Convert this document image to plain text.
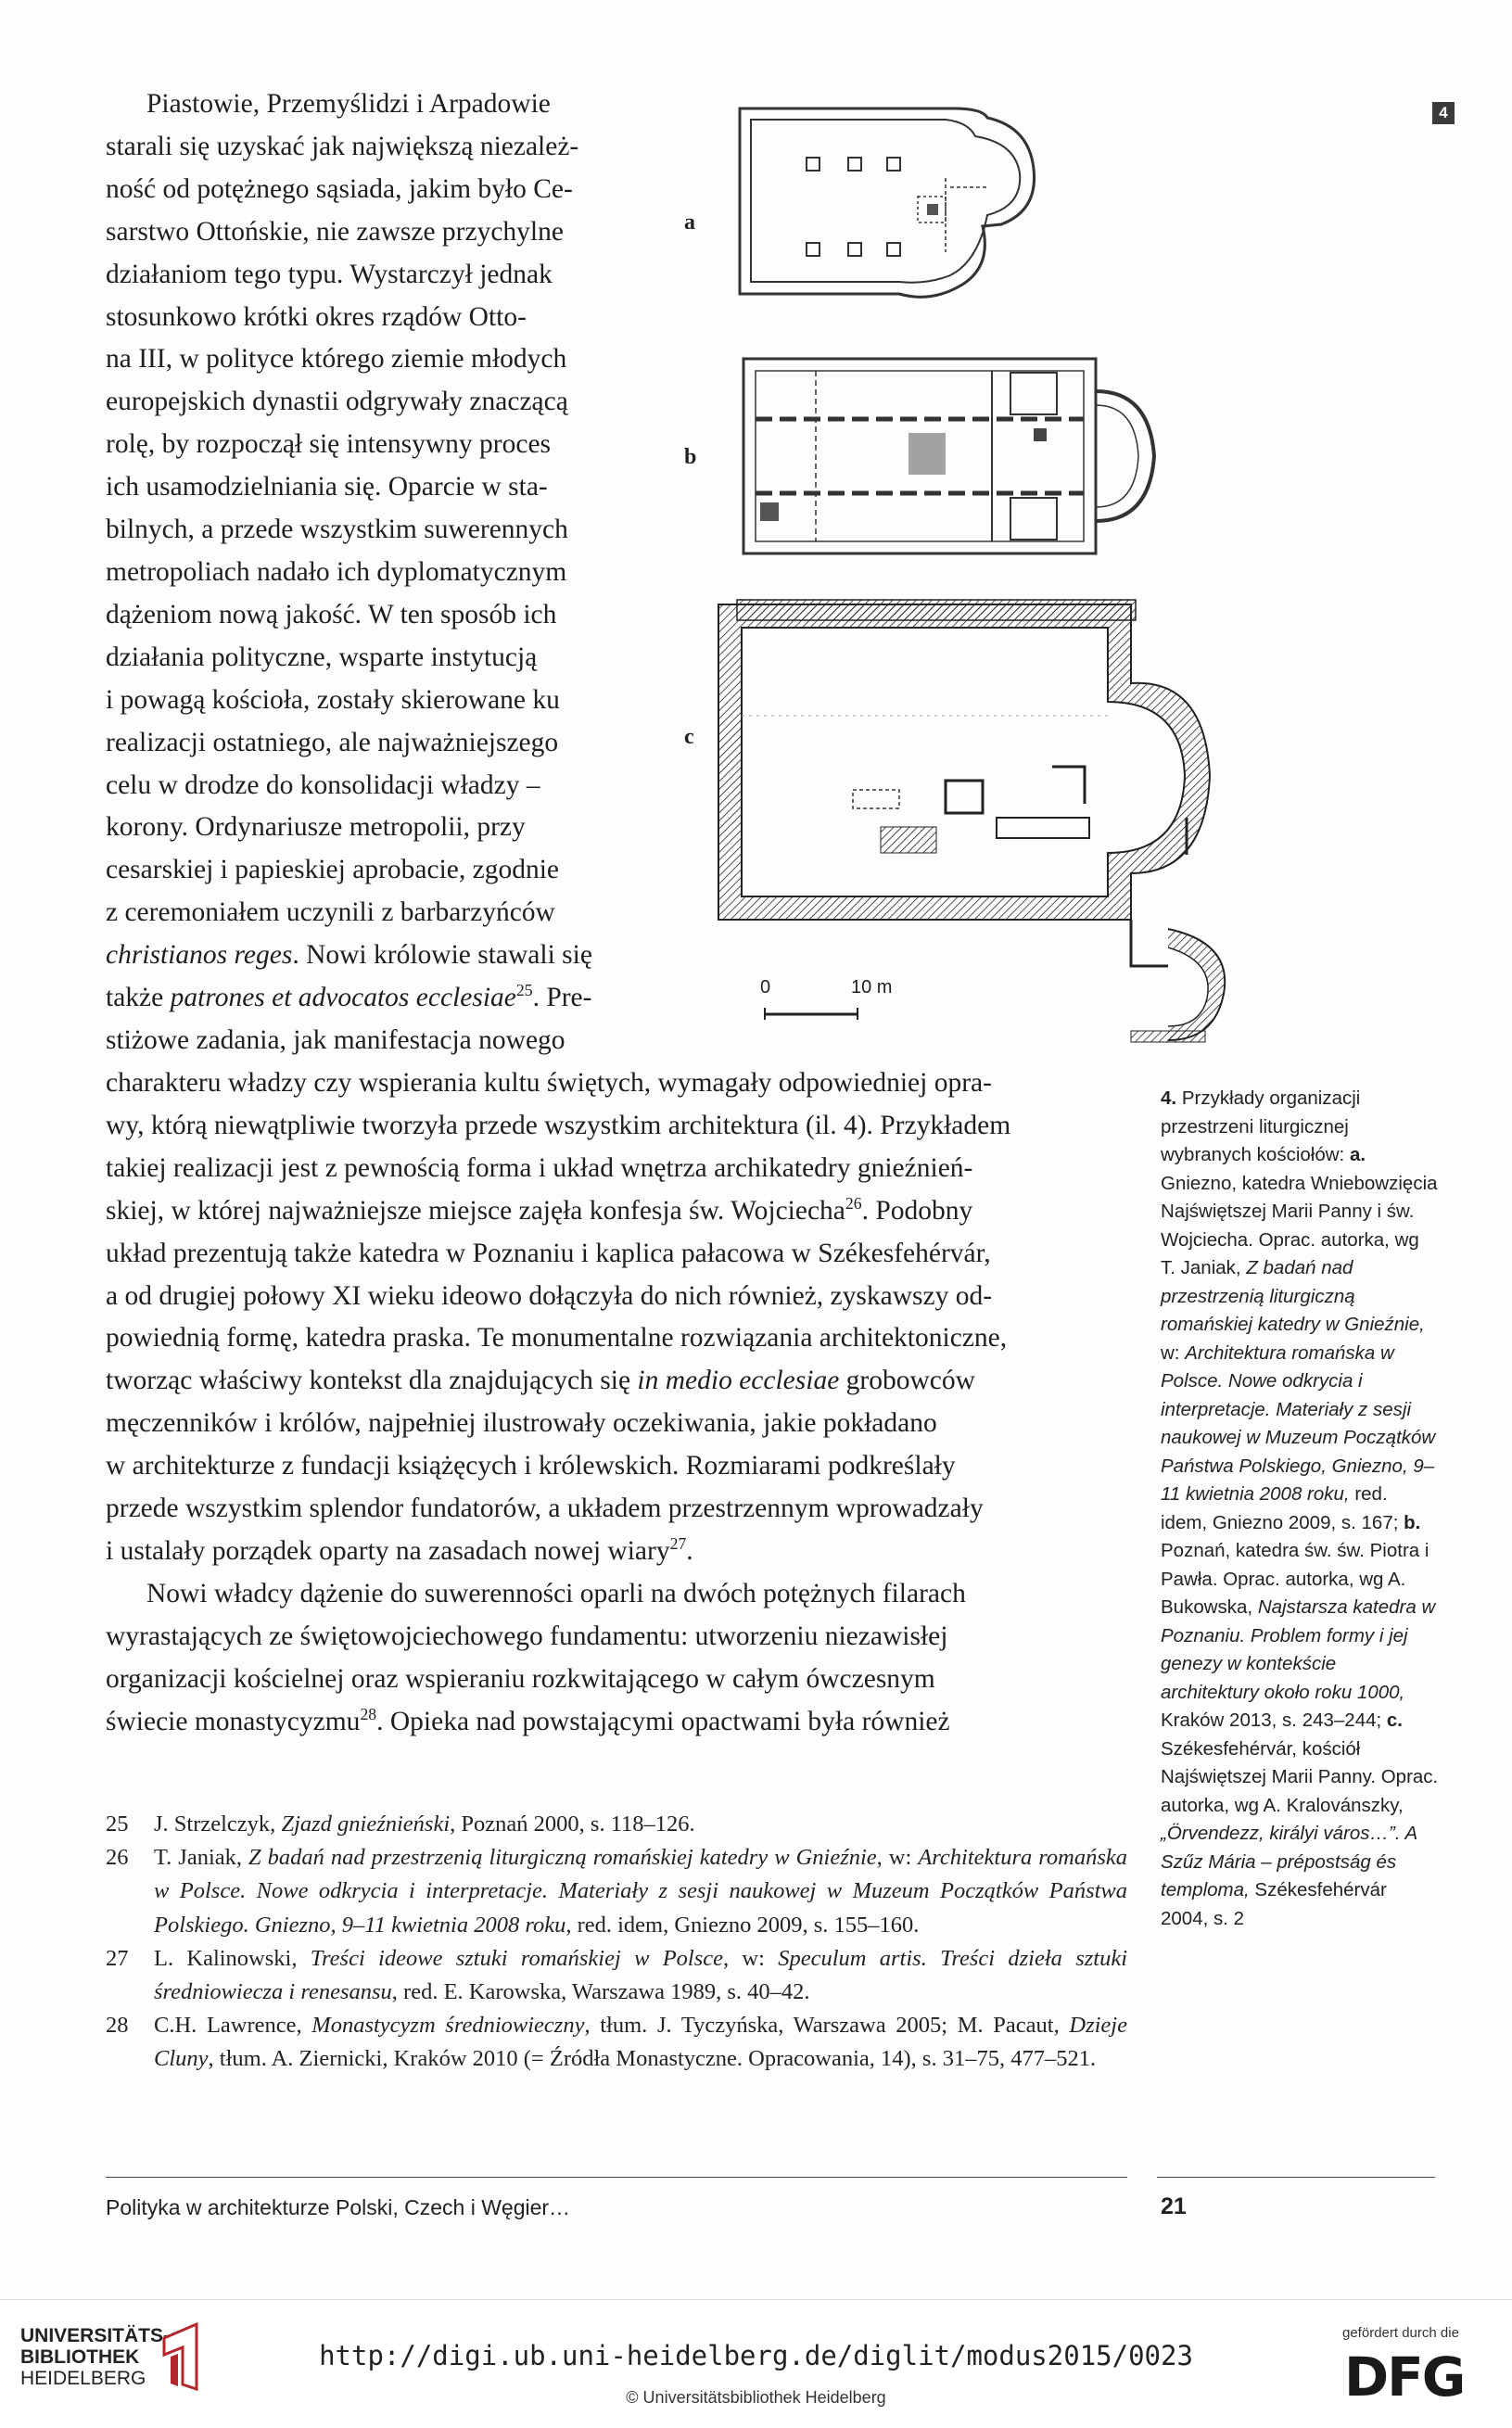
4

Piastowie, Przemyślidzi i Arpadowie

starali się uzyskać jak największą niezależ-

ność od potężnego sąsiada, jakim było Ce-

sarstwo Ottońskie, nie zawsze przychylne

działaniom tego typu. Wystarczył jednak

stosunkowo krótki okres rządów Otto-

na III, w polityce którego ziemie młodych

europejskich dynastii odgrywały znaczącą

rolę, by rozpoczął się intensywny proces

ich usamodzielniania się. Oparcie w sta-

bilnych, a przede wszystkim suwerennych

metropoliach nadało ich dyplomatycznym

dążeniom nową jakość. W ten sposób ich

działania polityczne, wsparte instytucją

i powagą kościoła, zostały skierowane ku

realizacji ostatniego, ale najważniejszego

celu w drodze do konsolidacji władzy –

korony. Ordynariusze metropolii, przy

cesarskiej i papieskiej aprobacie, zgodnie

z ceremoniałem uczynili z barbarzyńców

christianos reges. Nowi królowie stawali się

także patrones et advocatos ecclesiae$^{25}$. Pre-

stiżowe zadania, jak manifestacja nowego

charakteru władzy czy wspierania kultu świętych, wymagały odpowiedniej opra-

wy, którą niewątpliwie tworzyła przede wszystkim architektura (il. 4). Przykładem

takiej realizacji jest z pewnością forma i układ wnętrza archikatedry gnieźnień-

skiej, w której najważniejsze miejsce zajęła konfesja św. Wojciecha$^{26}$. Podobny

układ prezentują także katedra w Poznaniu i kaplica pałacowa w Székesfehérvár,

a od drugiej połowy XI wieku ideowo dołączyła do nich również, zyskawszy od-

powiednią formę, katedra praska. Te monumentalne rozwiązania architektoniczne,

tworząc właściwy kontekst dla znajdujących się in medio ecclesiae grobowców

męczenników i królów, najpełniej ilustrowały oczekiwania, jakie pokładano

w architekturze z fundacji książęcych i królewskich. Rozmiarami podkreślały

przede wszystkim splendor fundatorów, a układem przestrzennym wprowadzały

i ustalały porządek oparty na zasadach nowej wiary$^{27}$.

Nowi władcy dążenie do suwerenności oparli na dwóch potężnych filarach

wyrastających ze świętowojciechowego fundamentu: utworzeniu niezawisłej

organizacji kościelnej oraz wspieraniu rozkwitającego w całym ówczesnym

świecie monastycyzmu$^{28}$. Opieka nad powstającymi opactwami była również

a
b
c
0	10 m
4. Przykłady organizacji przestrzeni liturgicznej wybranych kościołów: a. Gniezno, katedra Wniebowzięcia Najświętszej Marii Panny i św. Wojciecha. Oprac. autorka, wg T. Janiak, Z badań nad przestrzenią liturgiczną romańskiej katedry w Gnieźnie, w: Architektura romańska w Polsce. Nowe odkrycia i interpretacje. Materiały z sesji naukowej w Muzeum Początków Państwa Polskiego, Gniezno, 9–11 kwietnia 2008 roku, red. idem, Gniezno 2009, s. 167; b. Poznań, katedra św. św. Piotra i Pawła. Oprac. autorka, wg A. Bukowska, Najstarsza katedra w Poznaniu. Problem formy i jej genezy w kontekście architektury około roku 1000, Kraków 2013, s. 243–244; c. Székesfehérvár, kościół Najświętszej Marii Panny. Oprac. autorka, wg A. Kralovánszky, „Örvendezz, királyi város…”. A Szűz Mária – prépostság és temploma, Székesfehérvár 2004, s. 2
25 J. Strzelczyk, Zjazd gnieźnieński, Poznań 2000, s. 118–126.
26 T. Janiak, Z badań nad przestrzenią liturgiczną romańskiej katedry w Gnieźnie, w: Architektura romańska w Polsce. Nowe odkrycia i interpretacje. Materiały z sesji naukowej w Muzeum Początków Państwa Polskiego. Gniezno, 9–11 kwietnia 2008 roku, red. idem, Gniezno 2009, s. 155–160.
27 L. Kalinowski, Treści ideowe sztuki romańskiej w Polsce, w: Speculum artis. Treści dzieła sztuki średniowiecza i renesansu, red. E. Karowska, Warszawa 1989, s. 40–42.
28 C.H. Lawrence, Monastycyzm średniowieczny, tłum. J. Tyczyńska, Warszawa 2005; M. Pacaut, Dzieje Cluny, tłum. A. Ziernicki, Kraków 2010 (= Źródła Monastyczne. Opracowania, 14), s. 31–75, 477–521.
Polityka w architekturze Polski, Czech i Węgier…	21
UNIVERSITÄTS-
BIBLIOTHEK
HEIDELBERG
http://digi.ub.uni-heidelberg.de/diglit/modus2015/0023
© Universitätsbibliothek Heidelberg
gefördert durch die
DFG
